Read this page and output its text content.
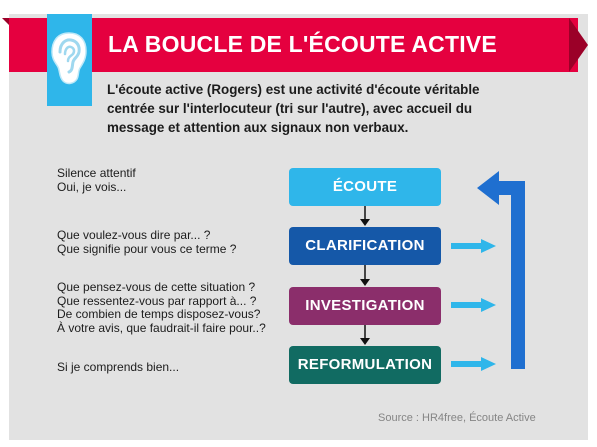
LA BOUCLE DE L'ÉCOUTE ACTIVE
L'écoute active (Rogers) est une activité d'écoute véritable
centrée sur l'interlocuteur (tri sur l'autre), avec accueil du
message et attention aux signaux non verbaux.
Silence attentif
Oui, je vois...
Que voulez-vous dire par... ?
Que signifie pour vous ce terme ?
Que pensez-vous de cette situation ?
Que ressentez-vous par rapport à... ?
De combien de temps disposez-vous?
À votre avis, que faudrait-il faire pour..?
Si je comprends bien...
ÉCOUTE
CLARIFICATION
INVESTIGATION
REFORMULATION
Source : HR4free, Écoute Active
